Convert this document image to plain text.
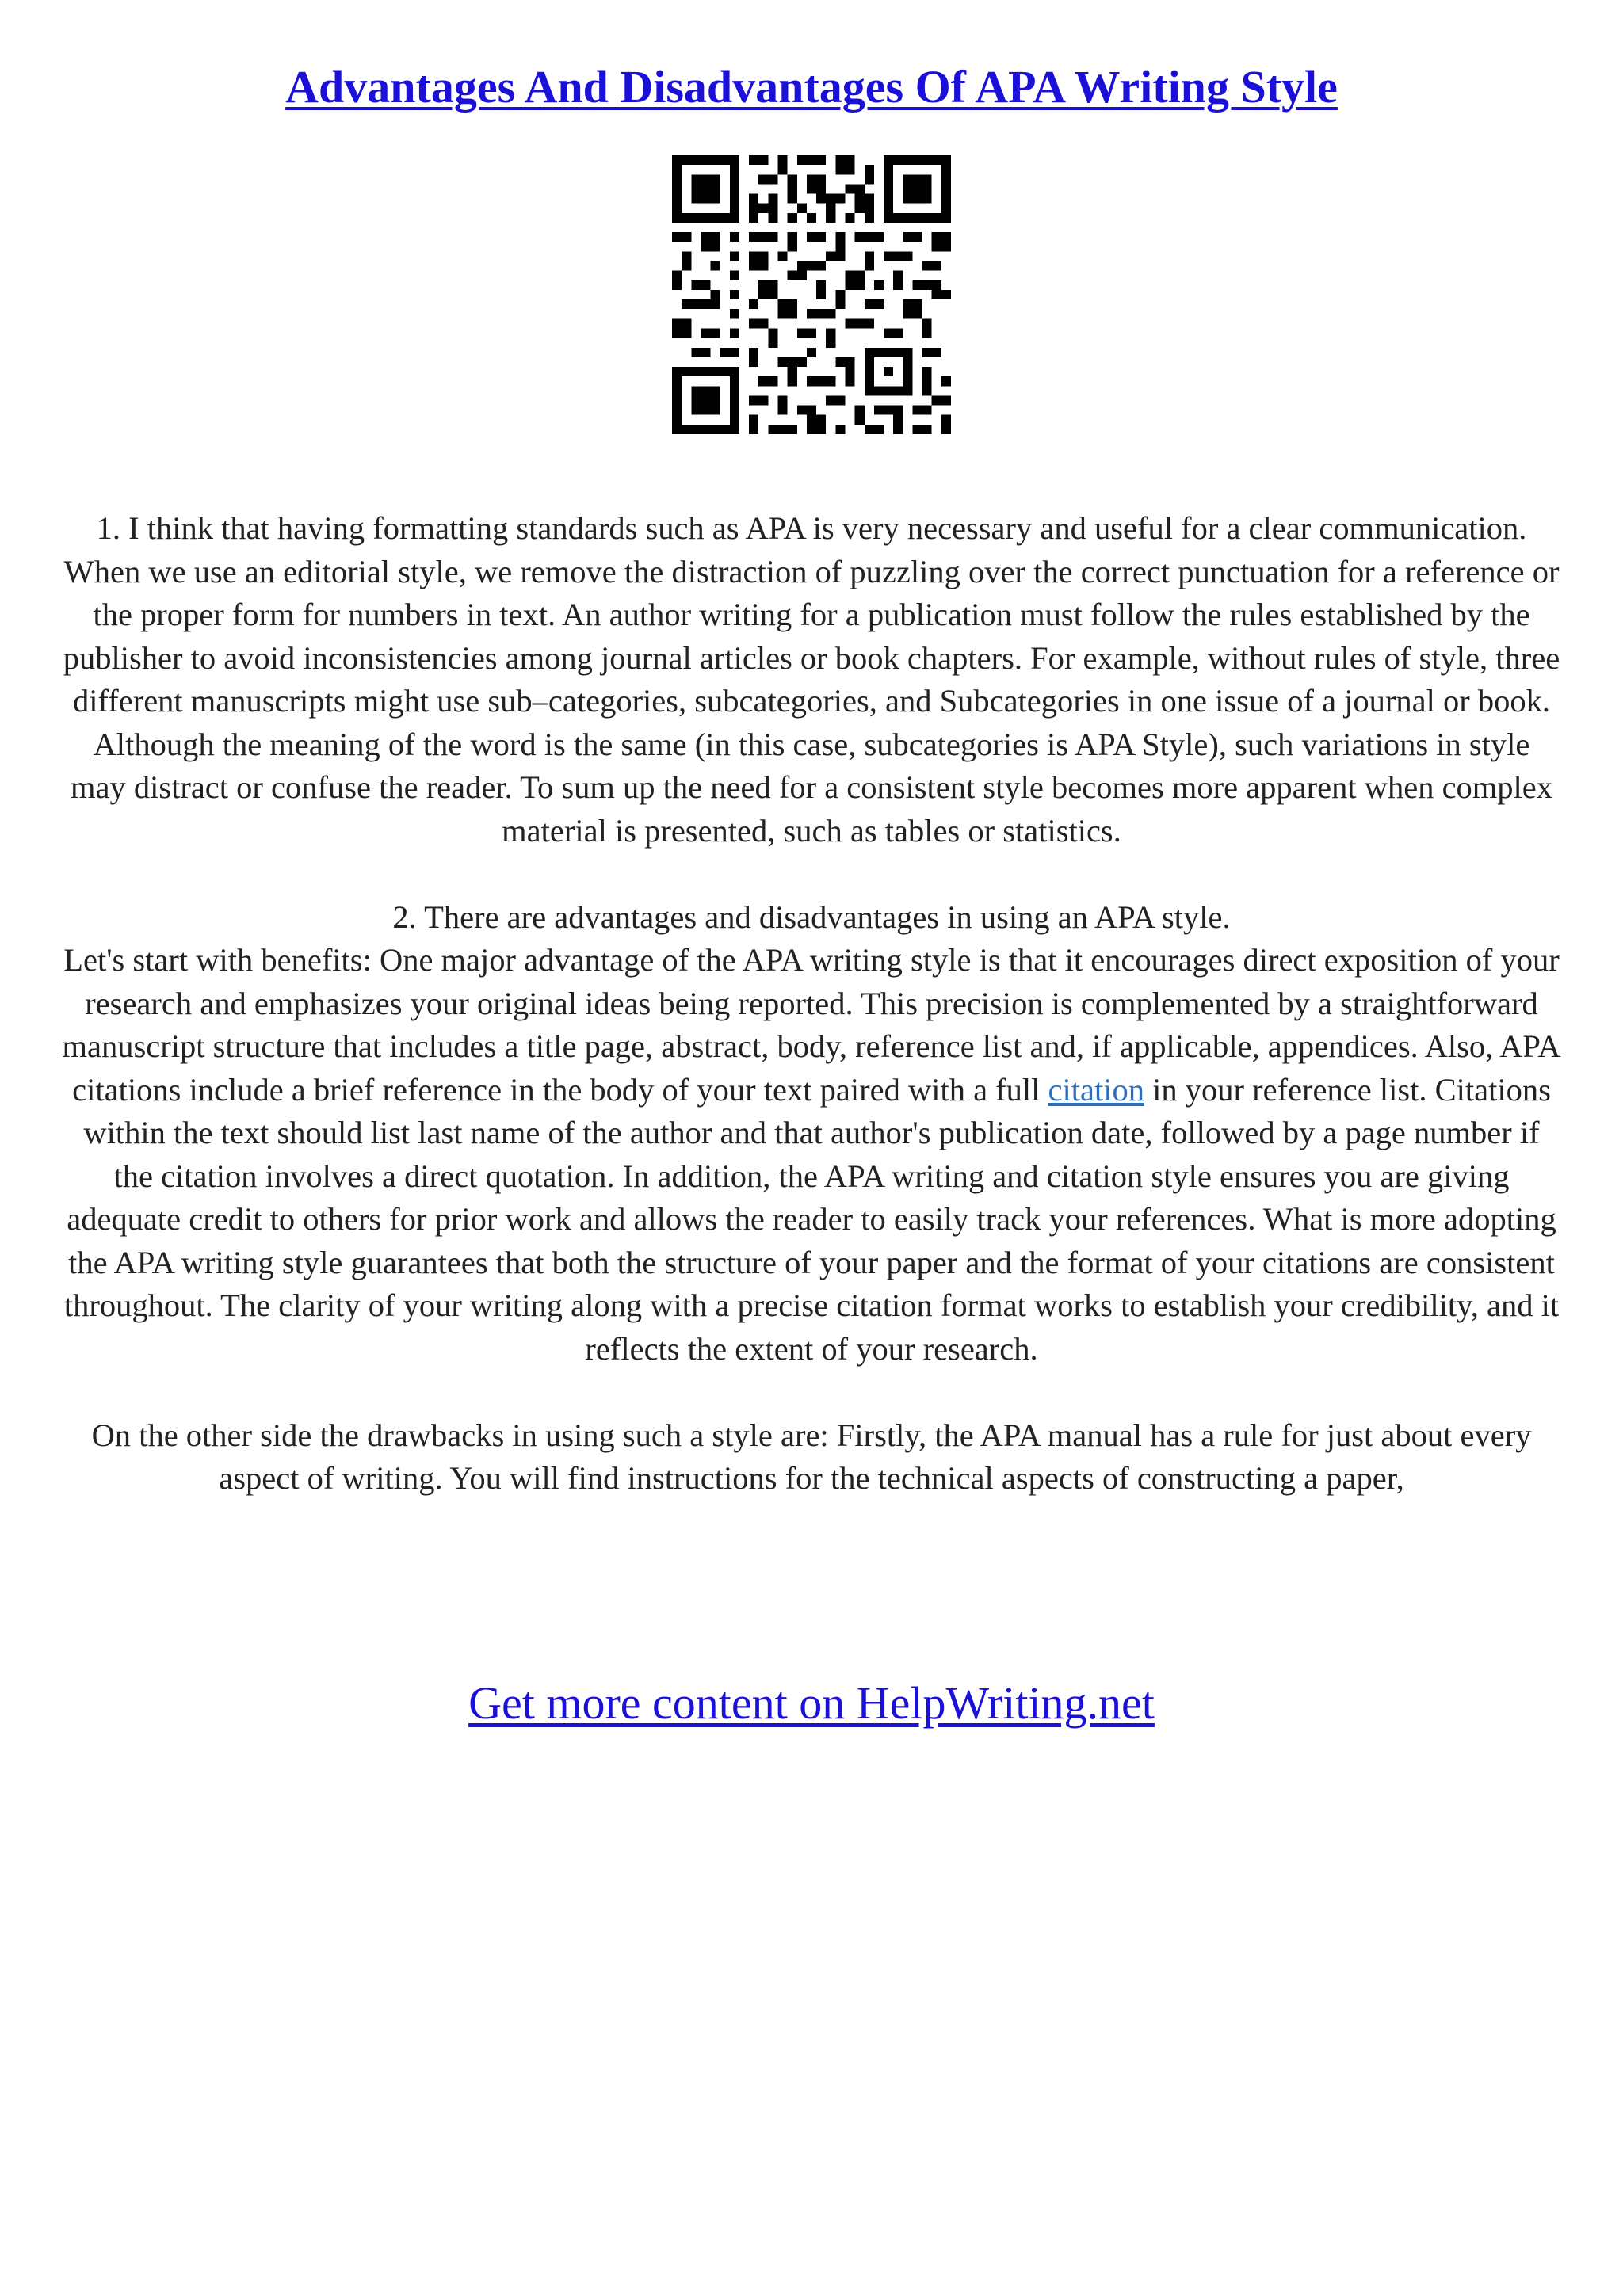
Advantages And Disadvantages Of APA Writing Style

1. I think that having formatting standards such as APA is very necessary and useful for a clear communication. When we use an editorial style, we remove the distraction of puzzling over the correct punctuation for a reference or the proper form for numbers in text. An author writing for a publication must follow the rules established by the publisher to avoid inconsistencies among journal articles or book chapters. For example, without rules of style, three different manuscripts might use sub–categories, subcategories, and Subcategories in one issue of a journal or book. Although the meaning of the word is the same (in this case, subcategories is APA Style), such variations in style may distract or confuse the reader. To sum up the need for a consistent style becomes more apparent when complex material is presented, such as tables or statistics.

2. There are advantages and disadvantages in using an APA style.

Let's start with benefits: One major advantage of the APA writing style is that it encourages direct exposition of your research and emphasizes your original ideas being reported. This precision is complemented by a straightforward manuscript structure that includes a title page, abstract, body, reference list and, if applicable, appendices. Also, APA citations include a brief reference in the body of your text paired with a full citation in your reference list. Citations within the text should list last name of the author and that author's publication date, followed by a page number if the citation involves a direct quotation. In addition, the APA writing and citation style ensures you are giving adequate credit to others for prior work and allows the reader to easily track your references. What is more adopting the APA writing style guarantees that both the structure of your paper and the format of your citations are consistent throughout. The clarity of your writing along with a precise citation format works to establish your credibility, and it reflects the extent of your research.

On the other side the drawbacks in using such a style are: Firstly, the APA manual has a rule for just about every aspect of writing. You will find instructions for the technical aspects of constructing a paper,

Get more content on HelpWriting.net
